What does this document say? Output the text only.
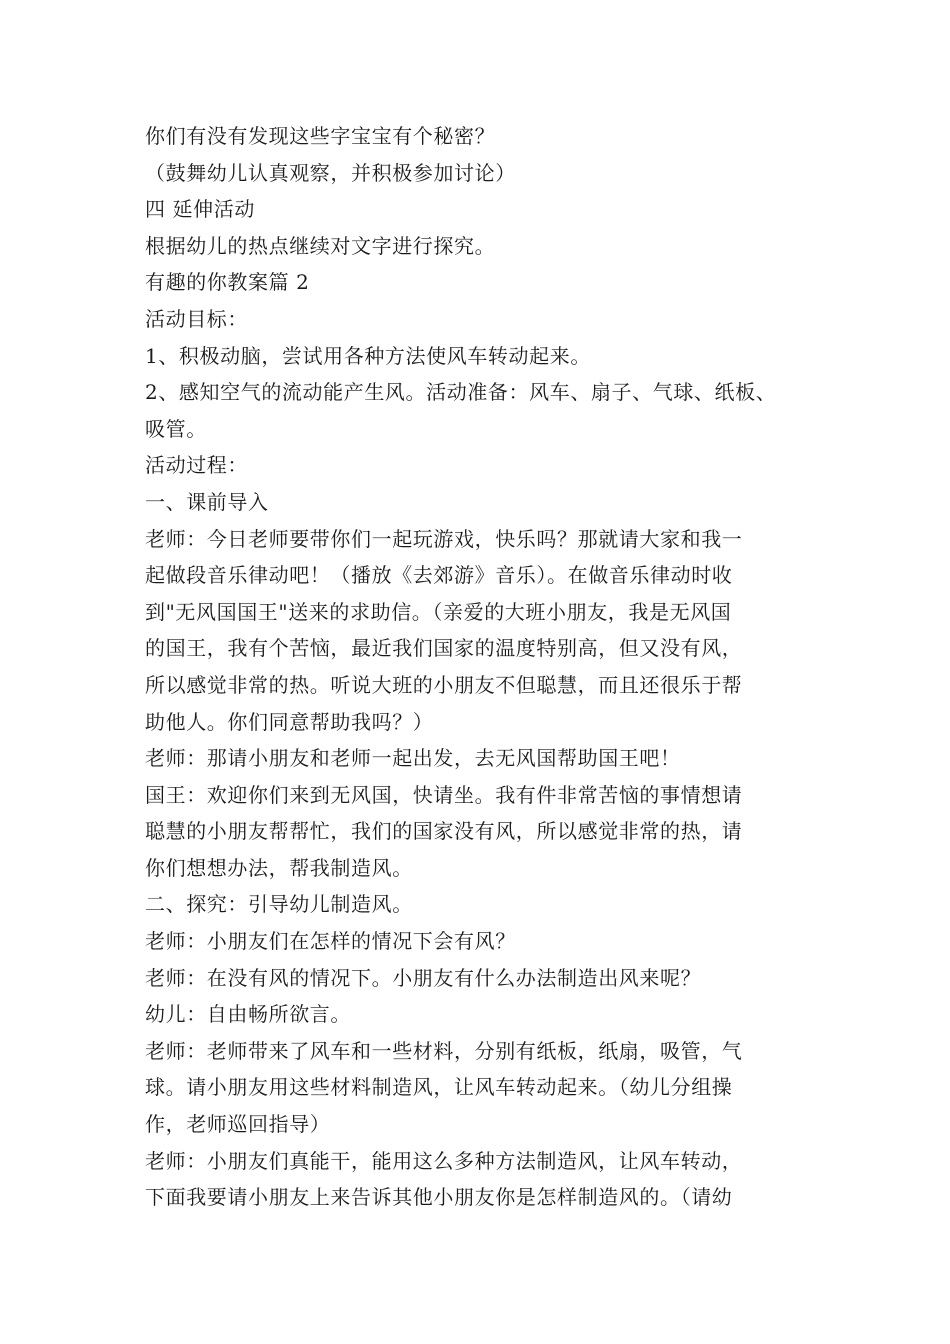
你们有没有发现这些字宝宝有个秘密？
（鼓舞幼儿认真观察，并积极参加讨论）
四 延伸活动
根据幼儿的热点继续对文字进行探究。
有趣的你教案篇 2
活动目标：
1、积极动脑，尝试用各种方法使风车转动起来。
2、感知空气的流动能产生风。活动准备：风车、扇子、气球、纸板、
吸管。
活动过程：
一、课前导入
老师：今日老师要带你们一起玩游戏，快乐吗？那就请大家和我一
起做段音乐律动吧！（播放《去郊游》音乐）。在做音乐律动时收
到"无风国国王"送来的求助信。（亲爱的大班小朋友，我是无风国
的国王，我有个苦恼，最近我们国家的温度特别高，但又没有风，
所以感觉非常的热。听说大班的小朋友不但聪慧，而且还很乐于帮
助他人。你们同意帮助我吗？）
老师：那请小朋友和老师一起出发，去无风国帮助国王吧！
国王：欢迎你们来到无风国，快请坐。我有件非常苦恼的事情想请
聪慧的小朋友帮帮忙，我们的国家没有风，所以感觉非常的热，请
你们想想办法，帮我制造风。
二、探究：引导幼儿制造风。
老师：小朋友们在怎样的情况下会有风？
老师：在没有风的情况下。小朋友有什么办法制造出风来呢？
幼儿：自由畅所欲言。
老师：老师带来了风车和一些材料，分别有纸板，纸扇，吸管，气
球。请小朋友用这些材料制造风，让风车转动起来。（幼儿分组操
作，老师巡回指导）
老师：小朋友们真能干，能用这么多种方法制造风，让风车转动，
下面我要请小朋友上来告诉其他小朋友你是怎样制造风的。（请幼
